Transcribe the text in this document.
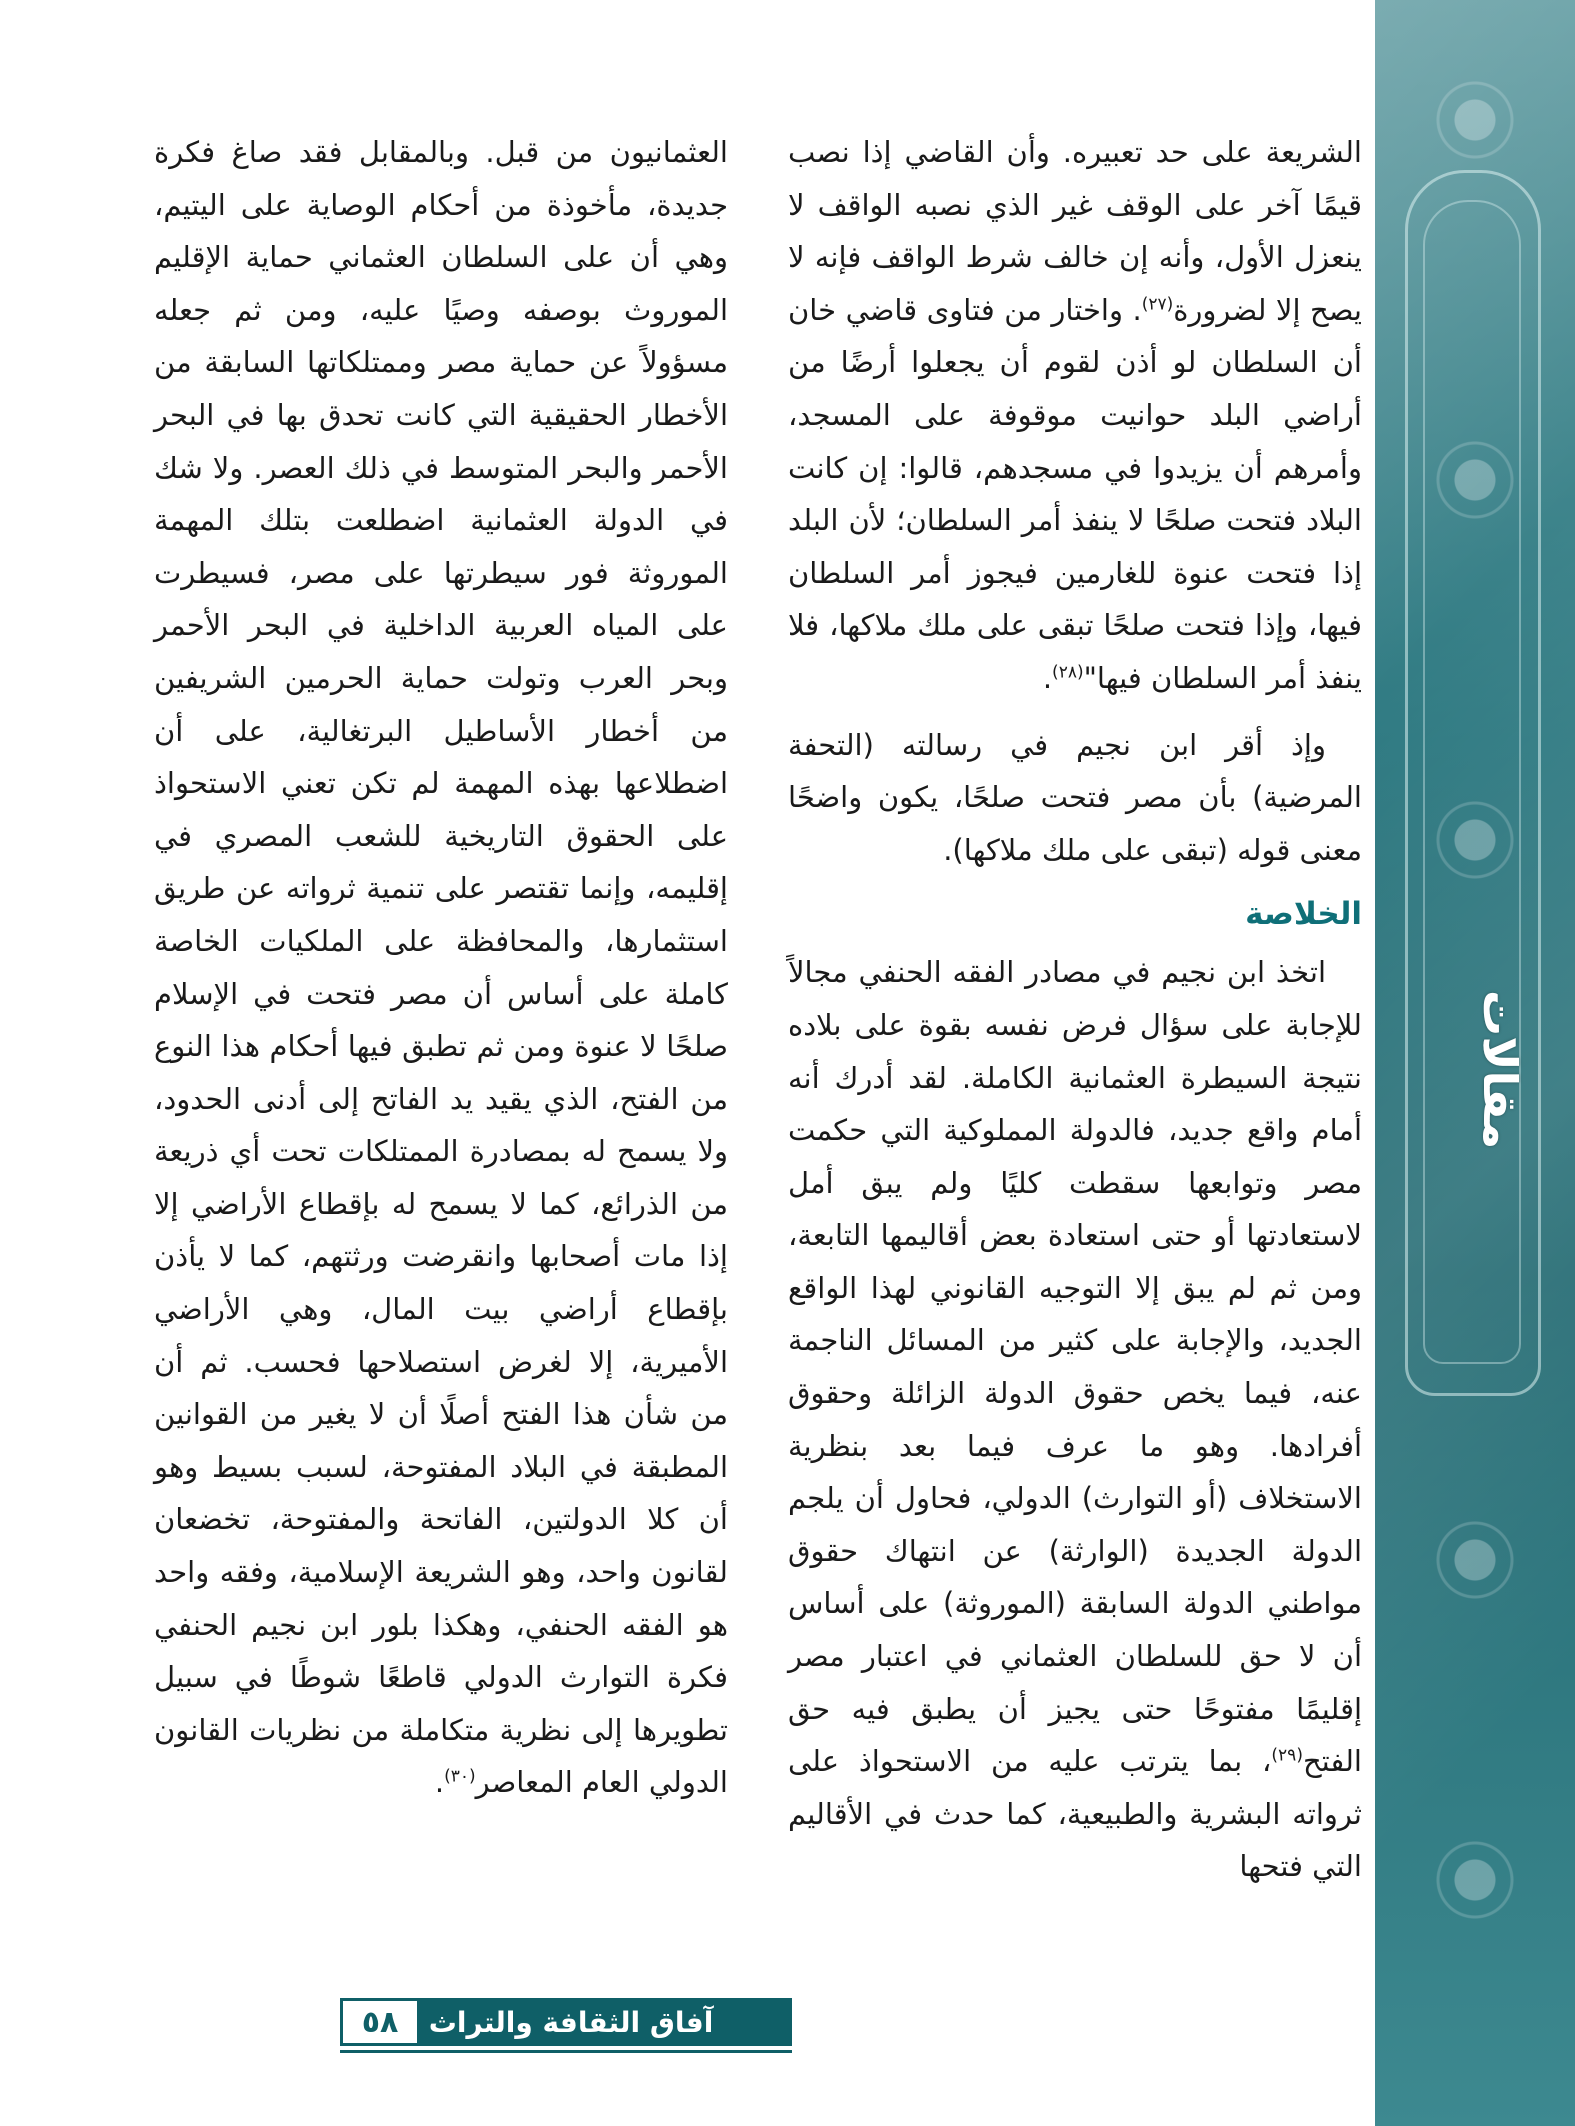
مقالات

الشريعة على حد تعبيره. وأن القاضي إذا نصب قيمًا آخر على الوقف غير الذي نصبه الواقف لا ينعزل الأول، وأنه إن خالف شرط الواقف فإنه لا يصح إلا لضرورة$^{(٢٧)}$. واختار من فتاوى قاضي خان أن السلطان لو أذن لقوم أن يجعلوا أرضًا من أراضي البلد حوانيت موقوفة على المسجد، وأمرهم أن يزيدوا في مسجدهم، قالوا: إن كانت البلاد فتحت صلحًا لا ينفذ أمر السلطان؛ لأن البلد إذا فتحت عنوة للغارمين فيجوز أمر السلطان فيها، وإذا فتحت صلحًا تبقى على ملك ملاكها، فلا ينفذ أمر السلطان فيها"$^{(٢٨)}$.

وإذ أقر ابن نجيم في رسالته (التحفة المرضية) بأن مصر فتحت صلحًا، يكون واضحًا معنى قوله (تبقى على ملك ملاكها).

الخلاصة

اتخذ ابن نجيم في مصادر الفقه الحنفي مجالاً للإجابة على سؤال فرض نفسه بقوة على بلاده نتيجة السيطرة العثمانية الكاملة. لقد أدرك أنه أمام واقع جديد، فالدولة المملوكية التي حكمت مصر وتوابعها سقطت كليًا ولم يبق أمل لاستعادتها أو حتى استعادة بعض أقاليمها التابعة، ومن ثم لم يبق إلا التوجيه القانوني لهذا الواقع الجديد، والإجابة على كثير من المسائل الناجمة عنه، فيما يخص حقوق الدولة الزائلة وحقوق أفرادها. وهو ما عرف فيما بعد بنظرية الاستخلاف (أو التوارث) الدولي، فحاول أن يلجم الدولة الجديدة (الوارثة) عن انتهاك حقوق مواطني الدولة السابقة (الموروثة) على أساس أن لا حق للسلطان العثماني في اعتبار مصر إقليمًا مفتوحًا حتى يجيز أن يطبق فيه حق الفتح$^{(٢٩)}$، بما يترتب عليه من الاستحواذ على ثرواته البشرية والطبيعية، كما حدث في الأقاليم التي فتحها

العثمانيون من قبل. وبالمقابل فقد صاغ فكرة جديدة، مأخوذة من أحكام الوصاية على اليتيم، وهي أن على السلطان العثماني حماية الإقليم الموروث بوصفه وصيًا عليه، ومن ثم جعله مسؤولاً عن حماية مصر وممتلكاتها السابقة من الأخطار الحقيقية التي كانت تحدق بها في البحر الأحمر والبحر المتوسط في ذلك العصر. ولا شك في الدولة العثمانية اضطلعت بتلك المهمة الموروثة فور سيطرتها على مصر، فسيطرت على المياه العربية الداخلية في البحر الأحمر وبحر العرب وتولت حماية الحرمين الشريفين من أخطار الأساطيل البرتغالية، على أن اضطلاعها بهذه المهمة لم تكن تعني الاستحواذ على الحقوق التاريخية للشعب المصري في إقليمه، وإنما تقتصر على تنمية ثرواته عن طريق استثمارها، والمحافظة على الملكيات الخاصة كاملة على أساس أن مصر فتحت في الإسلام صلحًا لا عنوة ومن ثم تطبق فيها أحكام هذا النوع من الفتح، الذي يقيد يد الفاتح إلى أدنى الحدود، ولا يسمح له بمصادرة الممتلكات تحت أي ذريعة من الذرائع، كما لا يسمح له بإقطاع الأراضي إلا إذا مات أصحابها وانقرضت ورثتهم، كما لا يأذن بإقطاع أراضي بيت المال، وهي الأراضي الأميرية، إلا لغرض استصلاحها فحسب. ثم أن من شأن هذا الفتح أصلًا أن لا يغير من القوانين المطبقة في البلاد المفتوحة، لسبب بسيط وهو أن كلا الدولتين، الفاتحة والمفتوحة، تخضعان لقانون واحد، وهو الشريعة الإسلامية، وفقه واحد هو الفقه الحنفي، وهكذا بلور ابن نجيم الحنفي فكرة التوارث الدولي قاطعًا شوطًا في سبيل تطويرها إلى نظرية متكاملة من نظريات القانون الدولي العام المعاصر$^{(٣٠)}$.

آفاق الثقافة والتراث
٥٨
